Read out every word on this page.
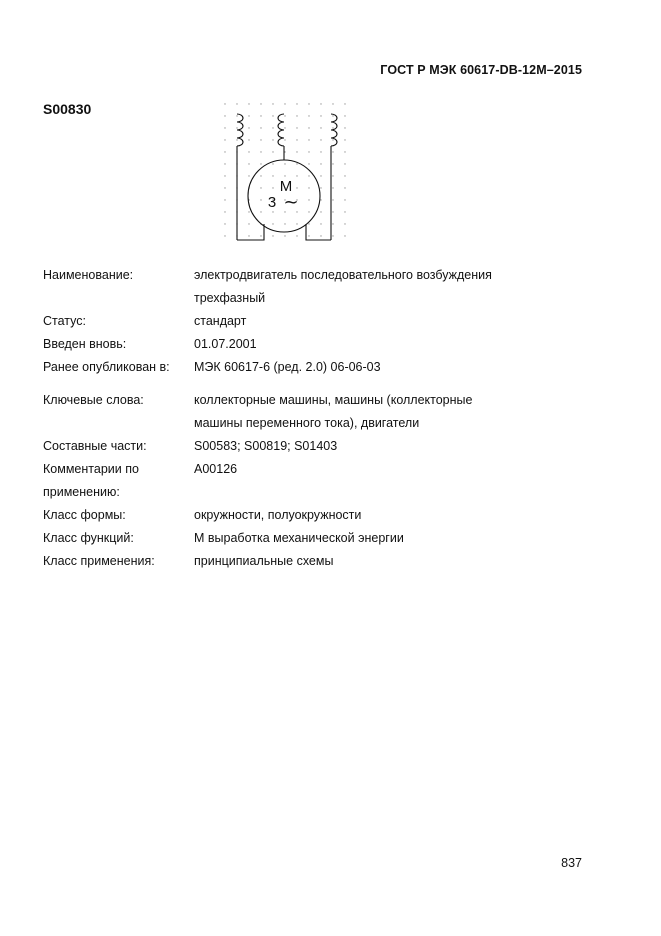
ГОСТ Р МЭК 60617-DB-12M–2015
S00830
M
3 ~
Наименование:	электродвигатель последовательного возбуждения
трехфазный

Статус:	стандарт

Введен вновь:	01.07.2001

Ранее опубликован в:	МЭК 60617-6 (ред. 2.0) 06-06-03

Ключевые слова:	коллекторные машины, машины (коллекторные
машины переменного тока), двигатели

Составные части:	S00583; S00819; S01403

Комментарии по
применению:	A00126

Класс формы:	окружности, полуокружности

Класс функций:	М выработка механической энергии

Класс применения:	принципиальные схемы
837
